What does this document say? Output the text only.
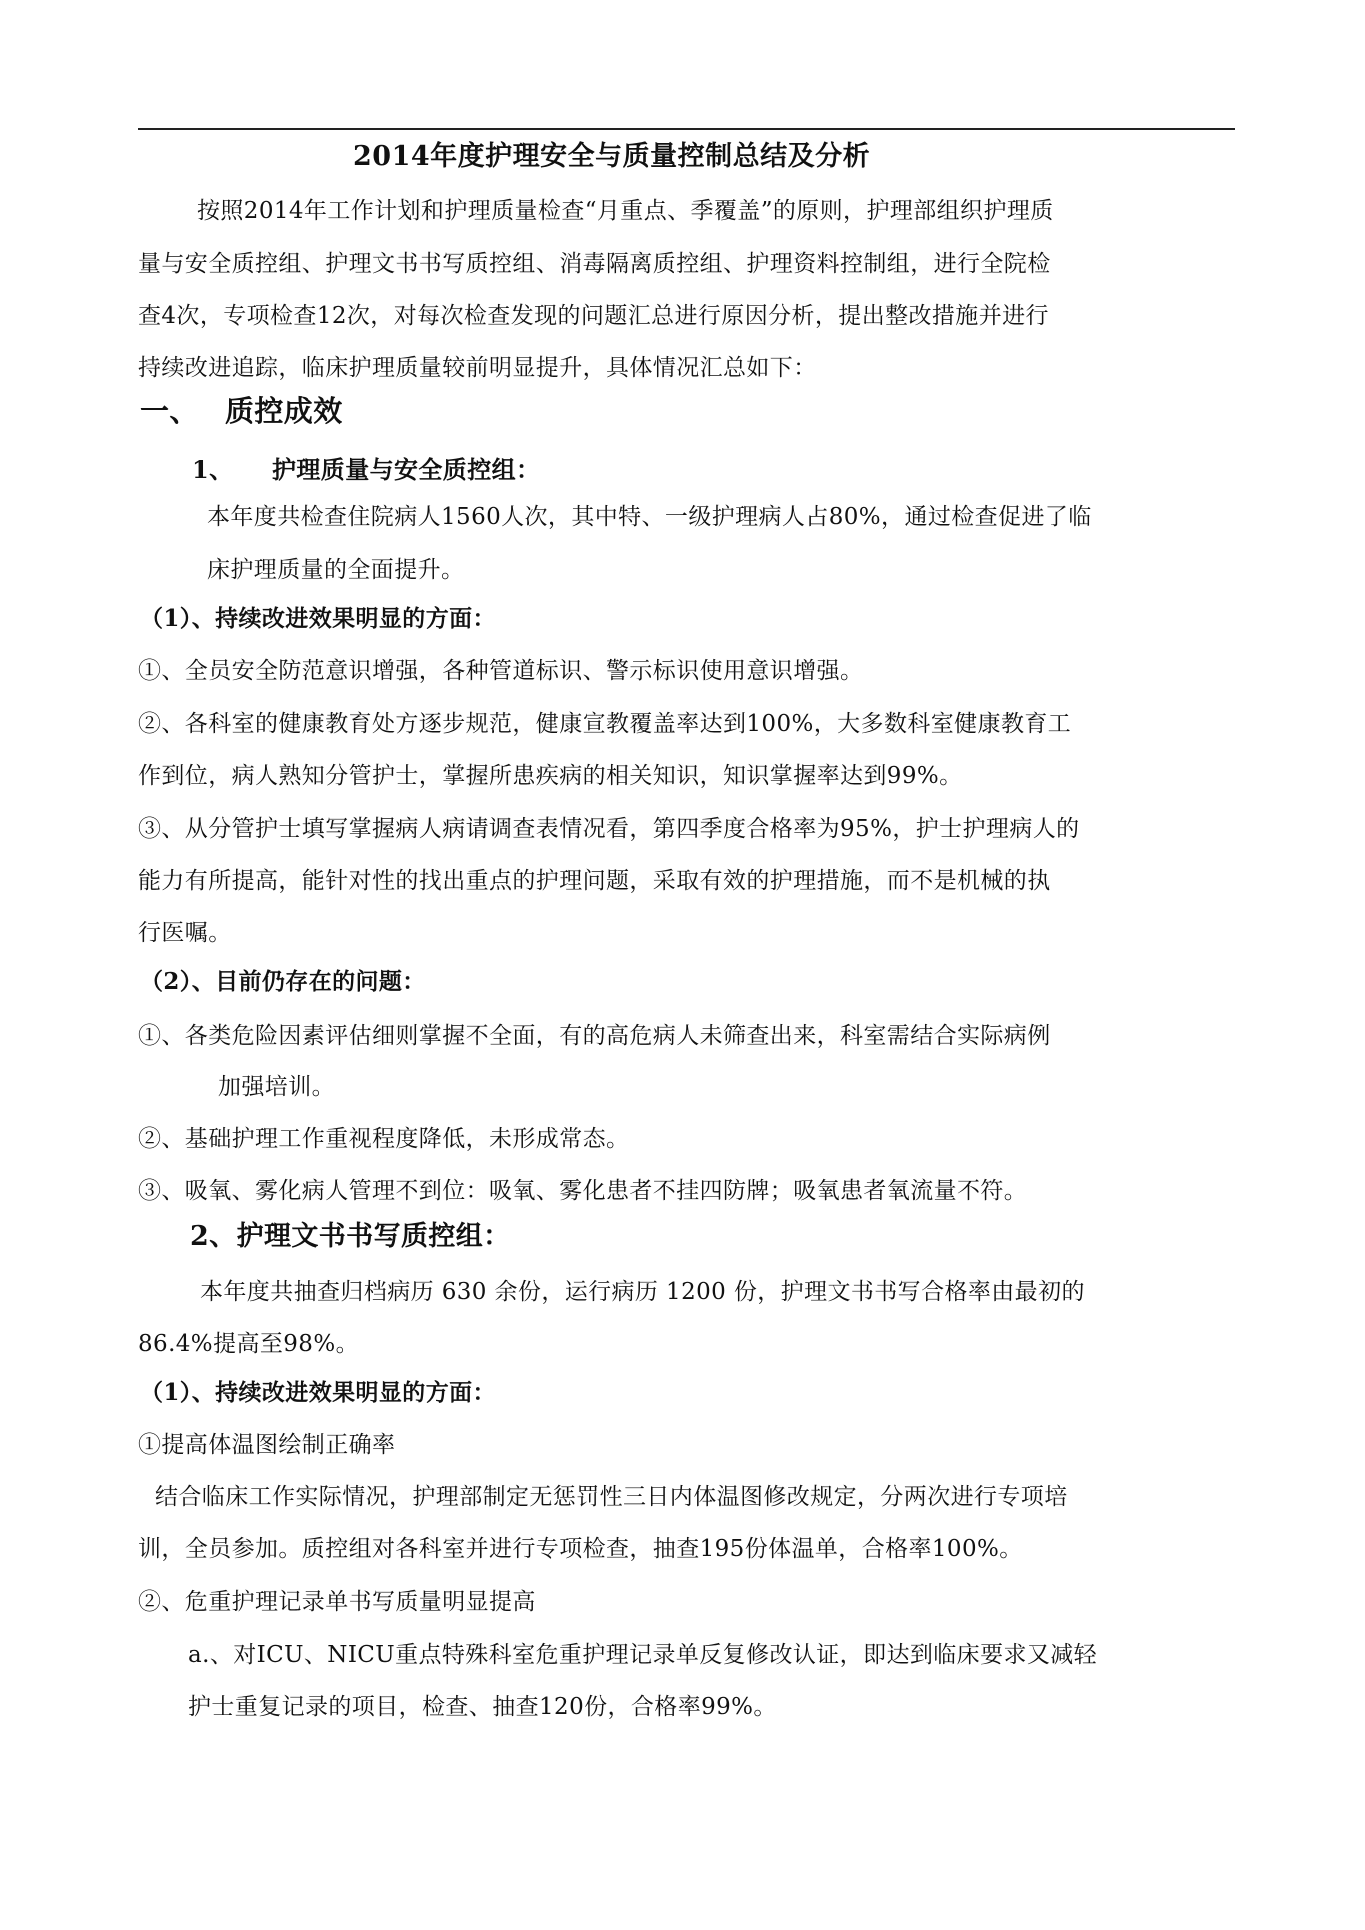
2014年度护理安全与质量控制总结及分析
按照2014年工作计划和护理质量检查“月重点、季覆盖”的原则，护理部组织护理质
量与安全质控组、护理文书书写质控组、消毒隔离质控组、护理资料控制组，进行全院检
查4次，专项检查12次，对每次检查发现的问题汇总进行原因分析，提出整改措施并进行
持续改进追踪，临床护理质量较前明显提升，具体情况汇总如下：
一、 质控成效
1、 护理质量与安全质控组：
本年度共检查住院病人1560人次，其中特、一级护理病人占80%，通过检查促进了临
床护理质量的全面提升。
（1）、持续改进效果明显的方面：
①、全员安全防范意识增强，各种管道标识、警示标识使用意识增强。
②、各科室的健康教育处方逐步规范，健康宣教覆盖率达到100%，大多数科室健康教育工
作到位，病人熟知分管护士，掌握所患疾病的相关知识，知识掌握率达到99%。
③、从分管护士填写掌握病人病请调查表情况看，第四季度合格率为95%，护士护理病人的
能力有所提高，能针对性的找出重点的护理问题，采取有效的护理措施，而不是机械的执
行医嘱。
（2）、目前仍存在的问题：
①、各类危险因素评估细则掌握不全面，有的高危病人未筛查出来，科室需结合实际病例
加强培训。
②、基础护理工作重视程度降低，未形成常态。
③、吸氧、雾化病人管理不到位：吸氧、雾化患者不挂四防牌；吸氧患者氧流量不符。
2、护理文书书写质控组：
本年度共抽查归档病历 630 余份，运行病历 1200 份，护理文书书写合格率由最初的
86.4%提高至98%。
（1）、持续改进效果明显的方面：
①提高体温图绘制正确率
结合临床工作实际情况，护理部制定无惩罚性三日内体温图修改规定，分两次进行专项培
训，全员参加。质控组对各科室并进行专项检查，抽查195份体温单，合格率100%。
②、危重护理记录单书写质量明显提高
a.、对ICU、NICU重点特殊科室危重护理记录单反复修改认证，即达到临床要求又减轻
护士重复记录的项目，检查、抽查120份，合格率99%。
